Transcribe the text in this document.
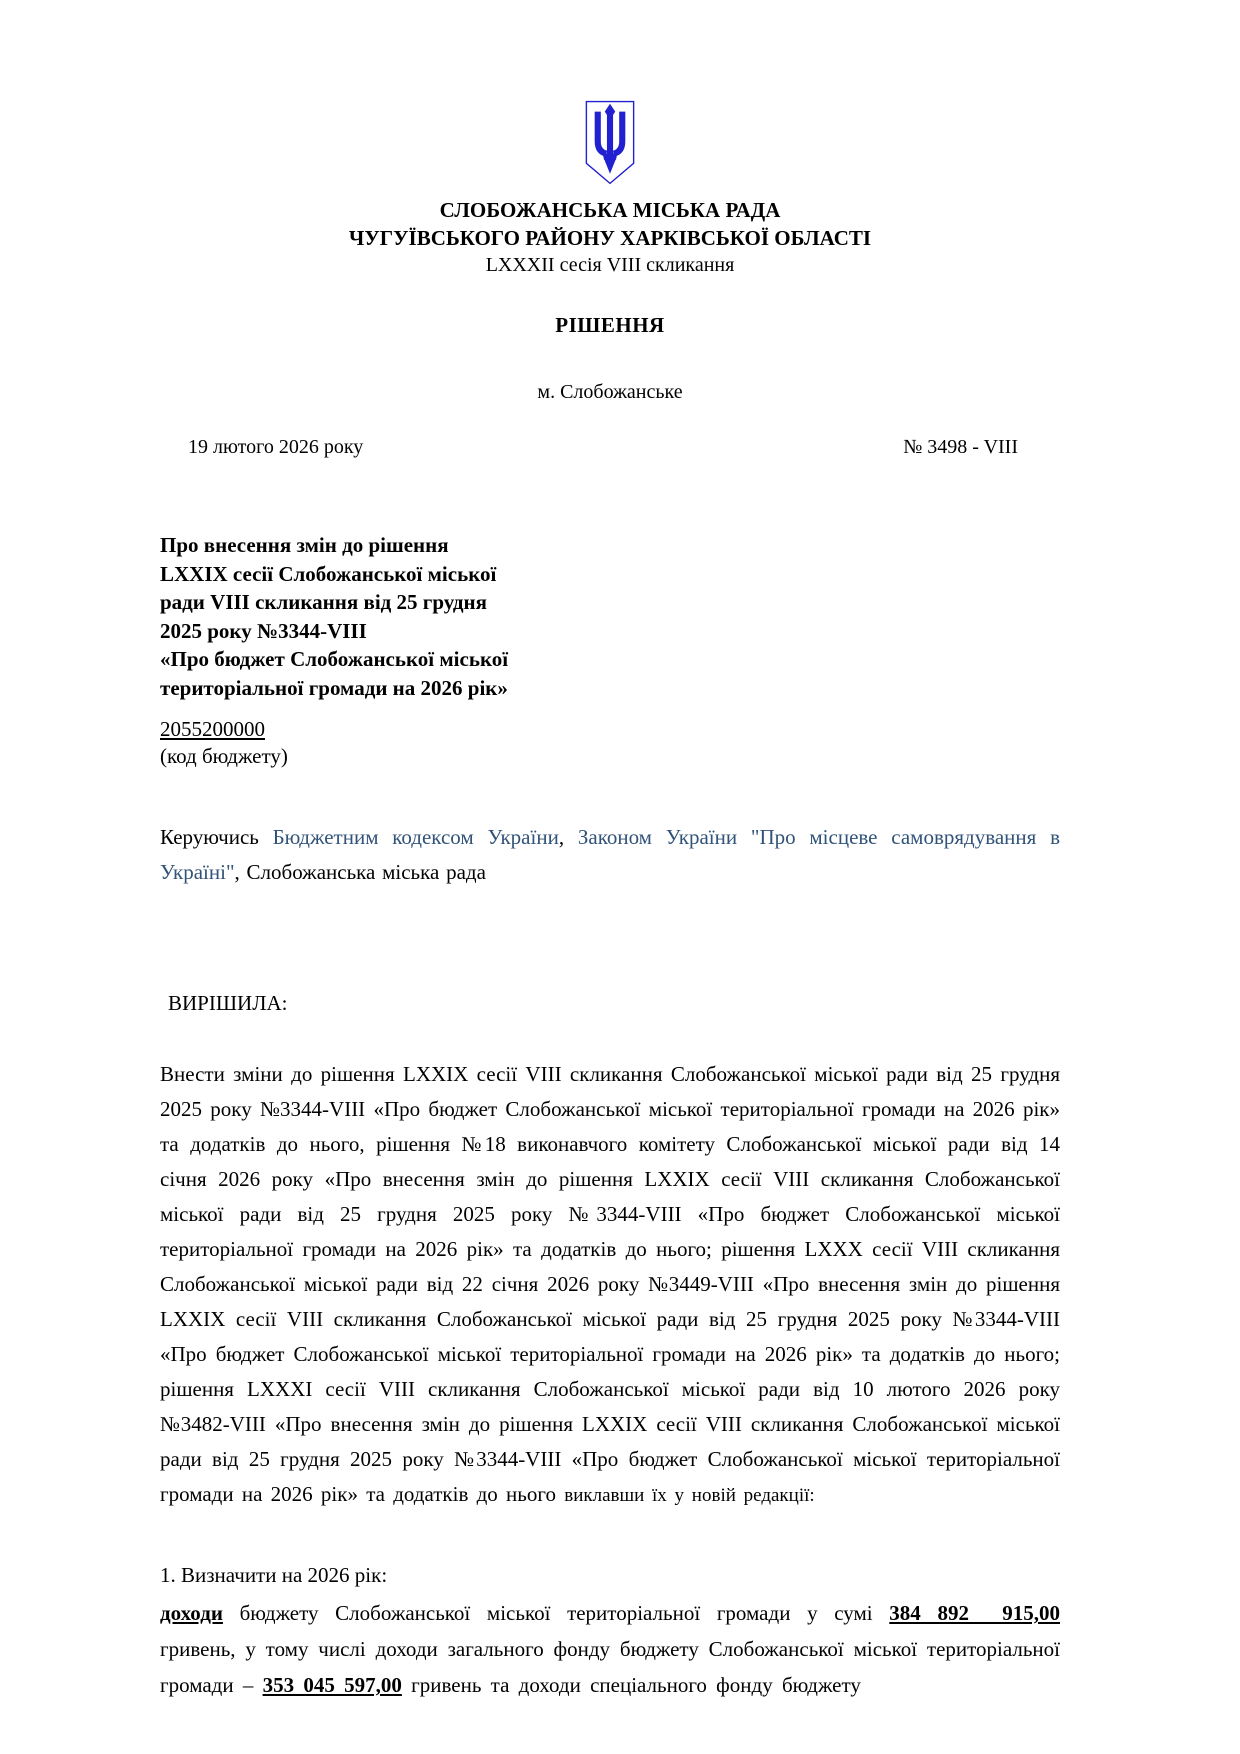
СЛОБОЖАНСЬКА МІСЬКА РАДА
ЧУГУЇВСЬКОГО РАЙОНУ ХАРКІВСЬКОЇ ОБЛАСТІ
LXXXII сесія VIII скликання
РІШЕННЯ
м. Слобожанське
19 лютого 2026 року	№ 3498 - VIII
Про внесення змін до рішення
LXXIX сесії Слобожанської міської
ради VIII скликання від 25 грудня
2025 року №3344-VIII
«Про бюджет Слобожанської міської
територіальної громади на 2026 рік»
2055200000
(код бюджету)

Керуючись Бюджетним кодексом України, Законом України "Про місцеве самоврядування в Україні", Слобожанська міська рада

ВИРІШИЛА:

Внести зміни до рішення LXXIX сесії VIII скликання Слобожанської міської ради від 25 грудня 2025 року №3344-VIII «Про бюджет Слобожанської міської територіальної громади на 2026 рік» та додатків до нього, рішення №18 виконавчого комітету Слобожанської міської ради від 14 січня 2026 року «Про внесення змін до рішення LXXIX сесії VIII скликання Слобожанської міської ради від 25 грудня 2025 року №3344-VIII «Про бюджет Слобожанської міської територіальної громади на 2026 рік» та додатків до нього; рішення LXXX сесії VIII скликання Слобожанської міської ради від 22 січня 2026 року №3449-VIII «Про внесення змін до рішення LXXIX сесії VIII скликання Слобожанської міської ради від 25 грудня 2025 року №3344-VIII «Про бюджет Слобожанської міської територіальної громади на 2026 рік» та додатків до нього; рішення LXXXI сесії VIII скликання Слобожанської міської ради від 10 лютого 2026 року №3482-VIII «Про внесення змін до рішення LXXIX сесії VIII скликання Слобожанської міської ради від 25 грудня 2025 року №3344-VIII «Про бюджет Слобожанської міської територіальної громади на 2026 рік» та додатків до нього виклавши їх у новій редакції:

1. Визначити на 2026 рік:

доходи бюджету Слобожанської міської територіальної громади у сумі 384 892  915,00 гривень, у тому числі доходи загального фонду бюджету Слобожанської міської територіальної громади – 353 045 597,00 гривень та доходи спеціального фонду бюджету
